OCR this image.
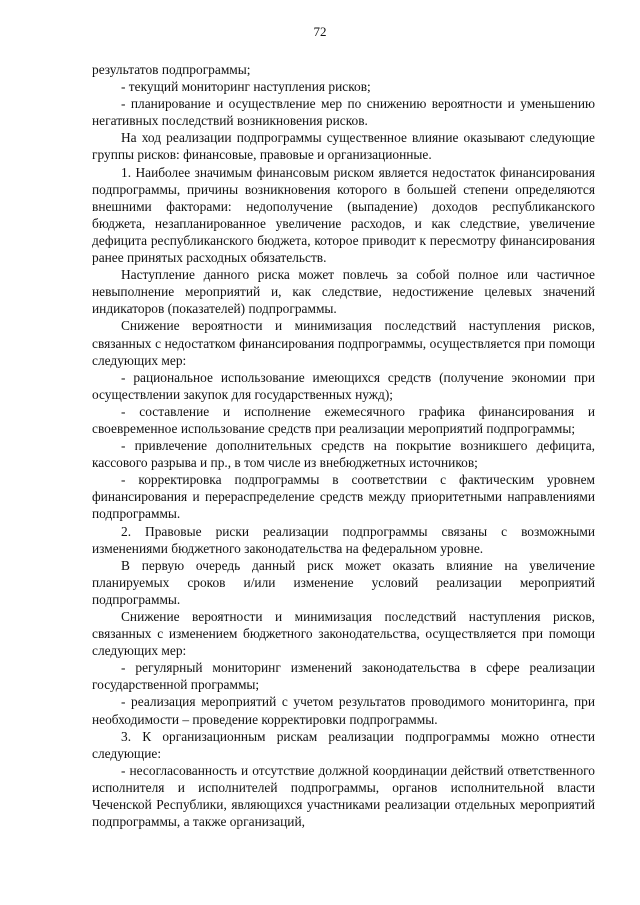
72

результатов подпрограммы;

- текущий мониторинг наступления рисков;

- планирование и осуществление мер по снижению вероятности и уменьшению негативных последствий возникновения рисков.

На ход реализации подпрограммы существенное влияние оказывают следующие группы рисков: финансовые, правовые и организационные.

1. Наиболее значимым финансовым риском является недостаток финансирования подпрограммы, причины возникновения которого в большей степени определяются внешними факторами: недополучение (выпадение) доходов республиканского бюджета, незапланированное увеличение расходов, и как следствие, увеличение дефицита республиканского бюджета, которое приводит к пересмотру финансирования ранее принятых расходных обязательств.

Наступление данного риска может повлечь за собой полное или частичное невыполнение мероприятий и, как следствие, недостижение целевых значений индикаторов (показателей) подпрограммы.

Снижение вероятности и минимизация последствий наступления рисков, связанных с недостатком финансирования подпрограммы, осуществляется при помощи следующих мер:

- рациональное использование имеющихся средств (получение экономии при осуществлении закупок для государственных нужд);

- составление и исполнение ежемесячного графика финансирования и своевременное использование средств при реализации мероприятий подпрограммы;

- привлечение дополнительных средств на покрытие возникшего дефицита, кассового разрыва и пр., в том числе из внебюджетных источников;

- корректировка подпрограммы в соответствии с фактическим уровнем финансирования и перераспределение средств между приоритетными направлениями подпрограммы.

2. Правовые риски реализации подпрограммы связаны с возможными изменениями бюджетного законодательства на федеральном уровне.

В первую очередь данный риск может оказать влияние на увеличение планируемых сроков и/или изменение условий реализации мероприятий подпрограммы.

Снижение вероятности и минимизация последствий наступления рисков, связанных с изменением бюджетного законодательства, осуществляется при помощи следующих мер:

- регулярный мониторинг изменений законодательства в сфере реализации государственной программы;

- реализация мероприятий с учетом результатов проводимого мониторинга, при необходимости – проведение корректировки подпрограммы.

3. К организационным рискам реализации подпрограммы можно отнести следующие:

- несогласованность и отсутствие должной координации действий ответственного исполнителя и исполнителей подпрограммы, органов исполнительной власти Чеченской Республики, являющихся участниками реализации отдельных мероприятий подпрограммы, а также организаций,
